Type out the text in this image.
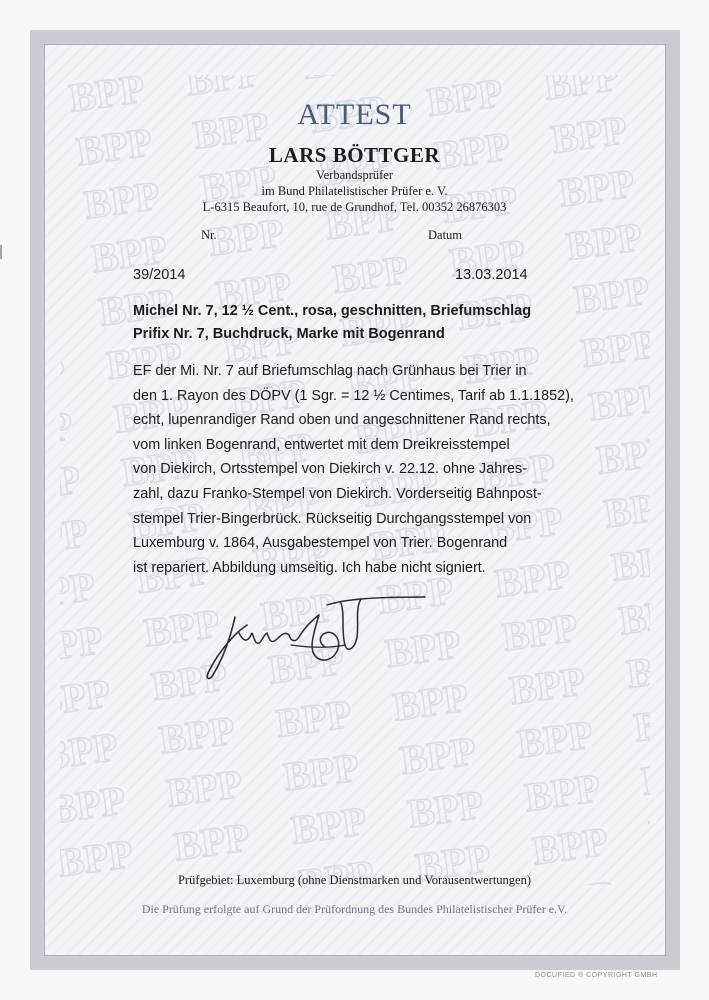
ATTEST
LARS BÖTTGER
Verbandsprüfer
im Bund Philatelistischer Prüfer e. V.
L-6315 Beaufort, 10, rue de Grundhof, Tel. 00352 26876303
Nr.	Datum
39/2014	13.03.2014
Michel Nr. 7, 12 ½ Cent., rosa, geschnitten, Briefumschlag
Prifix Nr. 7, Buchdruck, Marke mit Bogenrand
EF der Mi. Nr. 7 auf Briefumschlag nach Grünhaus bei Trier in
den 1. Rayon des DÖPV (1 Sgr. = 12 ½ Centimes, Tarif ab 1.1.1852),
echt, lupenrandiger Rand oben und angeschnittener Rand rechts,
vom linken Bogenrand, entwertet mit dem Dreikreisstempel
von Diekirch, Ortsstempel von Diekirch v. 22.12. ohne Jahres-
zahl, dazu Franko-Stempel von Diekirch. Vorderseitig Bahnpost-
stempel Trier-Bingerbrück. Rückseitig Durchgangsstempel von
Luxemburg v. 1864, Ausgabestempel von Trier. Bogenrand
ist repariert. Abbildung umseitig. Ich habe nicht signiert.
Prüfgebiet: Luxemburg (ohne Dienstmarken und Vorausentwertungen)
Die Prüfung erfolgte auf Grund der Prüfordnung des Bundes Philatelistischer Prüfer e.V.
DOCUFIED ® COPYRIGHT GMBH
